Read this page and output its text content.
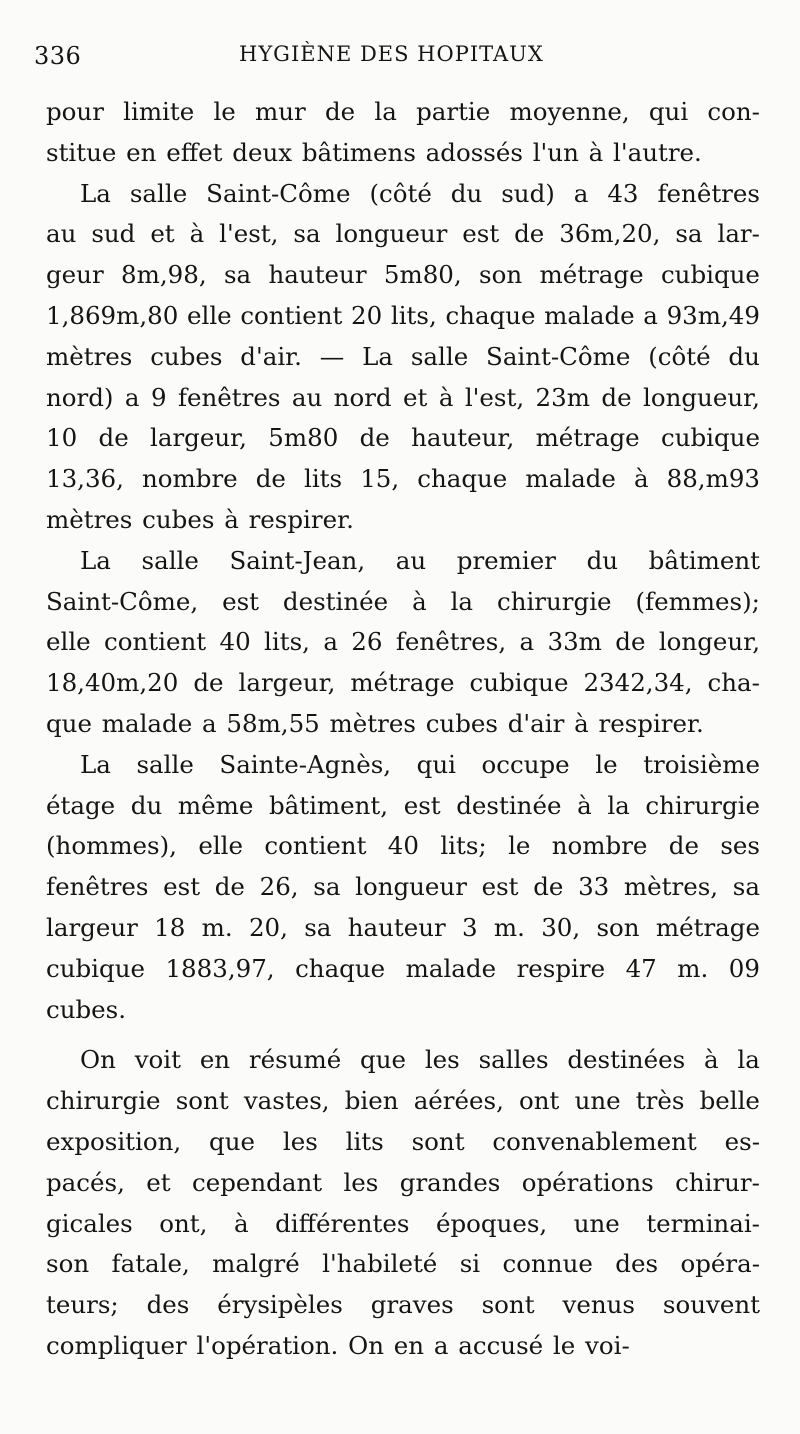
336	HYGIÈNE DES HOPITAUX
pour limite le mur de la partie moyenne, qui con-
stitue en effet deux bâtimens adossés l'un à l'autre.
La salle Saint-Côme (côté du sud) a 43 fenêtres
au sud et à l'est, sa longueur est de 36m,20, sa lar-
geur 8m,98, sa hauteur 5m80, son métrage cubique
1,869m,80 elle contient 20 lits, chaque malade a 93m,49
mètres cubes d'air. — La salle Saint-Côme (côté du
nord) a 9 fenêtres au nord et à l'est, 23m de longueur,
10 de largeur, 5m80 de hauteur, métrage cubique
13,36, nombre de lits 15, chaque malade à 88,m93
mètres cubes à respirer.
La salle Saint-Jean, au premier du bâtiment
Saint-Côme, est destinée à la chirurgie (femmes);
elle contient 40 lits, a 26 fenêtres, a 33m de longeur,
18,40m,20 de largeur, métrage cubique 2342,34, cha-
que malade a 58m,55 mètres cubes d'air à respirer.
La salle Sainte-Agnès, qui occupe le troisième
étage du même bâtiment, est destinée à la chirurgie
(hommes), elle contient 40 lits; le nombre de ses
fenêtres est de 26, sa longueur est de 33 mètres, sa
largeur 18 m. 20, sa hauteur 3 m. 30, son métrage
cubique 1883,97, chaque malade respire 47 m. 09
cubes.
On voit en résumé que les salles destinées à la
chirurgie sont vastes, bien aérées, ont une très belle
exposition, que les lits sont convenablement es-
pacés, et cependant les grandes opérations chirur-
gicales ont, à différentes époques, une terminai-
son fatale, malgré l'habileté si connue des opéra-
teurs; des érysipèles graves sont venus souvent
compliquer l'opération. On en a accusé le voi-
